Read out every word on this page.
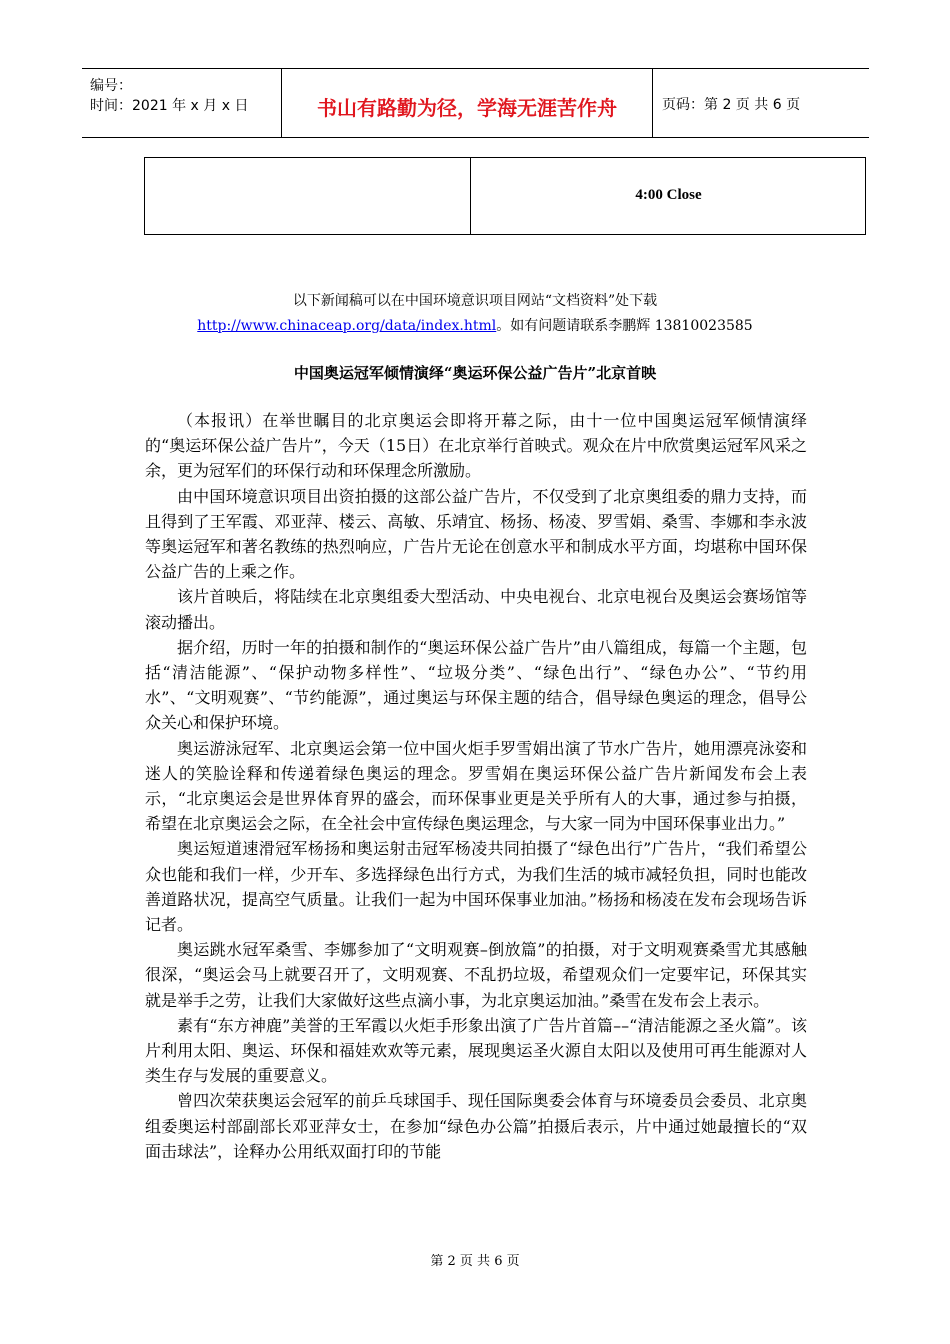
编号：
时间：2021 年 x 月 x 日	书山有路勤为径，学海无涯苦作舟	页码：第 2 页 共 6 页
4:00 Close
以下新闻稿可以在中国环境意识项目网站“文档资料”处下载
http://www.chinaceap.org/data/index.html。如有问题请联系李鹏辉 13810023585
中国奥运冠军倾情演绎“奥运环保公益广告片”北京首映

（本报讯）在举世瞩目的北京奥运会即将开幕之际，由十一位中国奥运冠军倾情演绎的“奥运环保公益广告片”，今天（15日）在北京举行首映式。观众在片中欣赏奥运冠军风采之余，更为冠军们的环保行动和环保理念所激励。

由中国环境意识项目出资拍摄的这部公益广告片，不仅受到了北京奥组委的鼎力支持，而且得到了王军霞、邓亚萍、楼云、高敏、乐靖宜、杨扬、杨凌、罗雪娟、桑雪、李娜和李永波等奥运冠军和著名教练的热烈响应，广告片无论在创意水平和制成水平方面，均堪称中国环保公益广告的上乘之作。

该片首映后，将陆续在北京奥组委大型活动、中央电视台、北京电视台及奥运会赛场馆等滚动播出。

据介绍，历时一年的拍摄和制作的“奥运环保公益广告片”由八篇组成，每篇一个主题，包括“清洁能源”、“保护动物多样性”、“垃圾分类”、“绿色出行”、“绿色办公”、“节约用水”、“文明观赛”、“节约能源”，通过奥运与环保主题的结合，倡导绿色奥运的理念，倡导公众关心和保护环境。

奥运游泳冠军、北京奥运会第一位中国火炬手罗雪娟出演了节水广告片，她用漂亮泳姿和迷人的笑脸诠释和传递着绿色奥运的理念。罗雪娟在奥运环保公益广告片新闻发布会上表示，“北京奥运会是世界体育界的盛会，而环保事业更是关乎所有人的大事，通过参与拍摄，希望在北京奥运会之际，在全社会中宣传绿色奥运理念，与大家一同为中国环保事业出力。”

奥运短道速滑冠军杨扬和奥运射击冠军杨凌共同拍摄了“绿色出行”广告片，“我们希望公众也能和我们一样，少开车、多选择绿色出行方式，为我们生活的城市减轻负担，同时也能改善道路状况，提高空气质量。让我们一起为中国环保事业加油。”杨扬和杨凌在发布会现场告诉记者。

奥运跳水冠军桑雪、李娜参加了“文明观赛–倒放篇”的拍摄，对于文明观赛桑雪尤其感触很深，“奥运会马上就要召开了，文明观赛、不乱扔垃圾，希望观众们一定要牢记，环保其实就是举手之劳，让我们大家做好这些点滴小事，为北京奥运加油。”桑雪在发布会上表示。

素有“东方神鹿”美誉的王军霞以火炬手形象出演了广告片首篇––“清洁能源之圣火篇”。该片利用太阳、奥运、环保和福娃欢欢等元素，展现奥运圣火源自太阳以及使用可再生能源对人类生存与发展的重要意义。

曾四次荣获奥运会冠军的前乒乓球国手、现任国际奥委会体育与环境委员会委员、北京奥组委奥运村部副部长邓亚萍女士，在参加“绿色办公篇”拍摄后表示，片中通过她最擅长的“双面击球法”，诠释办公用纸双面打印的节能

第 2 页 共 6 页
